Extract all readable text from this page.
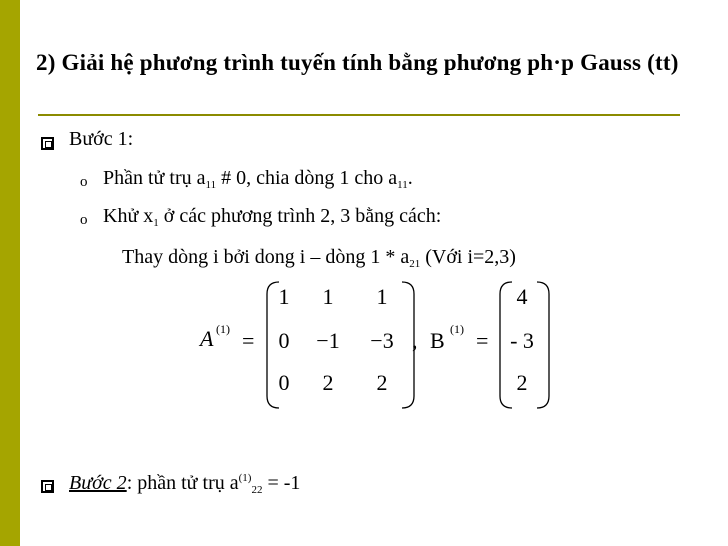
2) Giải hệ phương trình tuyến tính bằng phương ph·p Gauss (tt)
Bước 1:
o Phần tử trụ $a_{11}$ # 0, chia dòng 1 cho $a_{11}$.
o Khử $x_1$ ở các phương trình 2, 3 bằng cách:
Thay dòng i bởi dong i – dòng $1 * a_{21}$ (Với i=2,3)
A (1) =
1	1	1
0	−1	−3
0	2	2
, B (1) =
4
- 3
2
Bước 2: phần tử trụ $a^{(1)}_{22} = -1$
